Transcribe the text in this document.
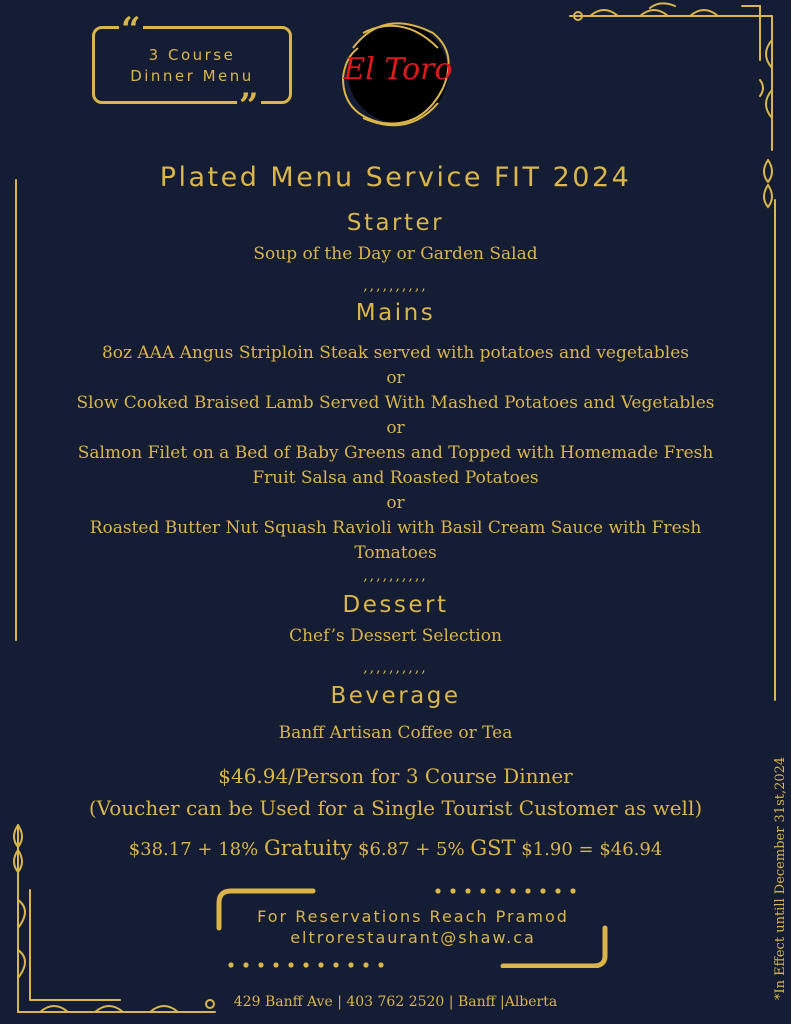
“
3 Course
Dinner Menu
”
El Toro
Plated Menu Service FIT 2024
Starter
Soup of the Day or Garden Salad
,,,,,,,,,,
Mains
8oz AAA Angus Striploin Steak served with potatoes and vegetables
or
Slow Cooked Braised Lamb Served With Mashed Potatoes and Vegetables
or
Salmon Filet on a Bed of Baby Greens and Topped with Homemade Fresh
Fruit Salsa and Roasted Potatoes
or
Roasted Butter Nut Squash Ravioli with Basil Cream Sauce with Fresh
Tomatoes
,,,,,,,,,,
Dessert
Chef’s Dessert Selection
,,,,,,,,,,
Beverage
Banff Artisan Coffee or Tea
$46.94/Person for 3 Course Dinner
(Voucher can be Used for a Single Tourist Customer as well)
$38.17 + 18% Gratuity $6.87 + 5% GST $1.90 = $46.94
For Reservations Reach Pramod
eltrorestaurant@shaw.ca
429 Banff Ave | 403 762 2520 | Banff |Alberta
*In Effect untill December 31st,2024
